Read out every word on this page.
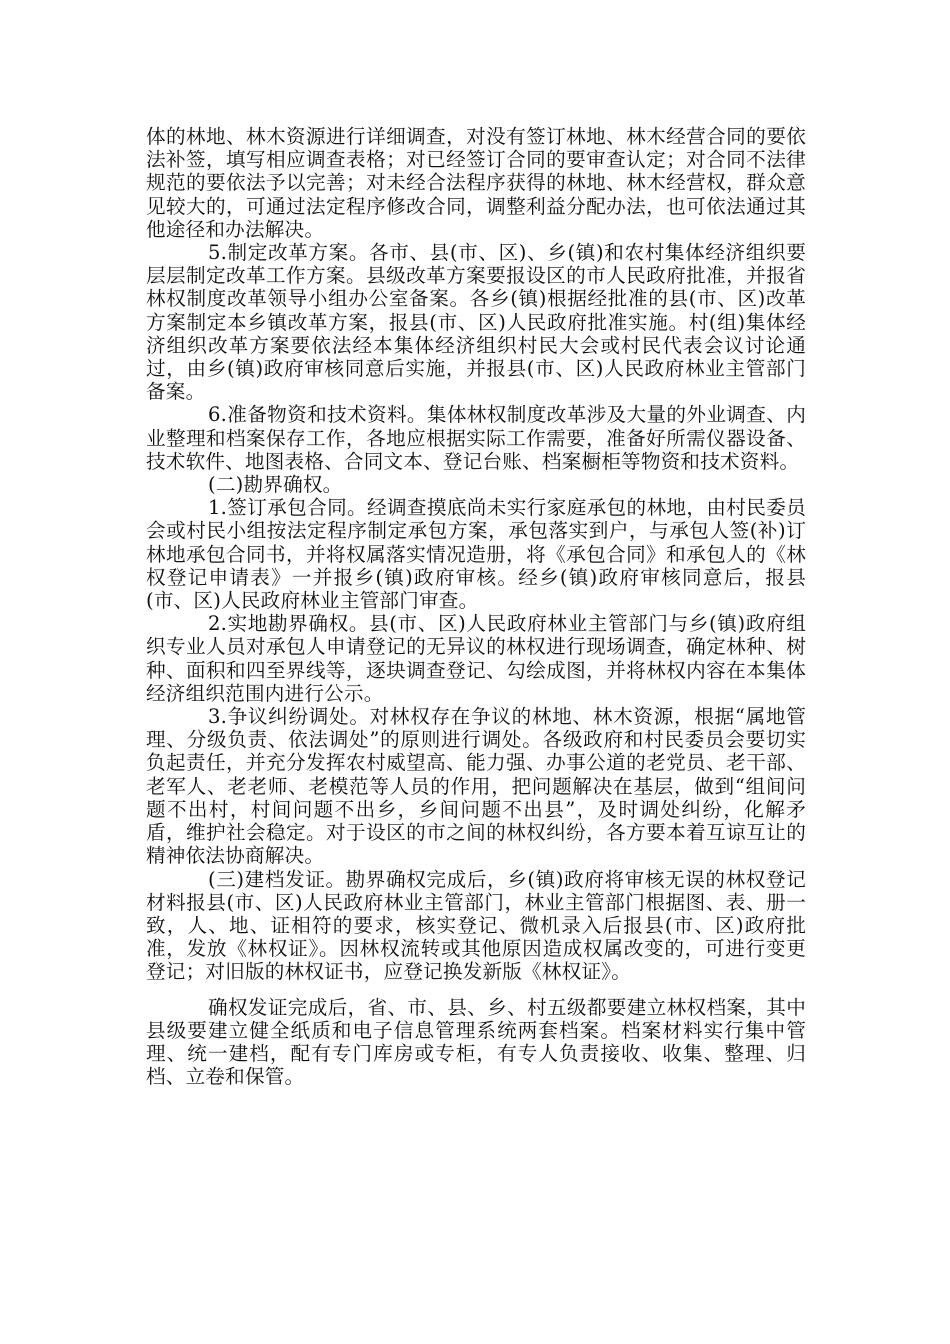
体的林地、林木资源进行详细调查，对没有签订林地、林木经营合同的要依法补签，填写相应调查表格；对已经签订合同的要审查认定；对合同不法律规范的要依法予以完善；对未经合法程序获得的林地、林木经营权，群众意见较大的，可通过法定程序修改合同，调整利益分配办法，也可依法通过其他途径和办法解决。

5.制定改革方案。各市、县(市、区)、乡(镇)和农村集体经济组织要层层制定改革工作方案。县级改革方案要报设区的市人民政府批准，并报省林权制度改革领导小组办公室备案。各乡(镇)根据经批准的县(市、区)改革方案制定本乡镇改革方案，报县(市、区)人民政府批准实施。村(组)集体经济组织改革方案要依法经本集体经济组织村民大会或村民代表会议讨论通过，由乡(镇)政府审核同意后实施，并报县(市、区)人民政府林业主管部门备案。

6.准备物资和技术资料。集体林权制度改革涉及大量的外业调查、内业整理和档案保存工作，各地应根据实际工作需要，准备好所需仪器设备、技术软件、地图表格、合同文本、登记台账、档案橱柜等物资和技术资料。

(二)勘界确权。

1.签订承包合同。经调查摸底尚未实行家庭承包的林地，由村民委员会或村民小组按法定程序制定承包方案，承包落实到户，与承包人签(补)订林地承包合同书，并将权属落实情况造册，将《承包合同》和承包人的《林权登记申请表》一并报乡(镇)政府审核。经乡(镇)政府审核同意后，报县(市、区)人民政府林业主管部门审查。

2.实地勘界确权。县(市、区)人民政府林业主管部门与乡(镇)政府组织专业人员对承包人申请登记的无异议的林权进行现场调查，确定林种、树种、面积和四至界线等，逐块调查登记、勾绘成图，并将林权内容在本集体经济组织范围内进行公示。

3.争议纠纷调处。对林权存在争议的林地、林木资源，根据“属地管理、分级负责、依法调处”的原则进行调处。各级政府和村民委员会要切实负起责任，并充分发挥农村威望高、能力强、办事公道的老党员、老干部、老军人、老老师、老模范等人员的作用，把问题解决在基层，做到“组间问题不出村，村间问题不出乡，乡间问题不出县”，及时调处纠纷，化解矛盾，维护社会稳定。对于设区的市之间的林权纠纷，各方要本着互谅互让的精神依法协商解决。

(三)建档发证。勘界确权完成后，乡(镇)政府将审核无误的林权登记材料报县(市、区)人民政府林业主管部门，林业主管部门根据图、表、册一致，人、地、证相符的要求，核实登记、微机录入后报县(市、区)政府批准，发放《林权证》。因林权流转或其他原因造成权属改变的，可进行变更登记；对旧版的林权证书，应登记换发新版《林权证》。

确权发证完成后，省、市、县、乡、村五级都要建立林权档案，其中县级要建立健全纸质和电子信息管理系统两套档案。档案材料实行集中管理、统一建档，配有专门库房或专柜，有专人负责接收、收集、整理、归档、立卷和保管。
